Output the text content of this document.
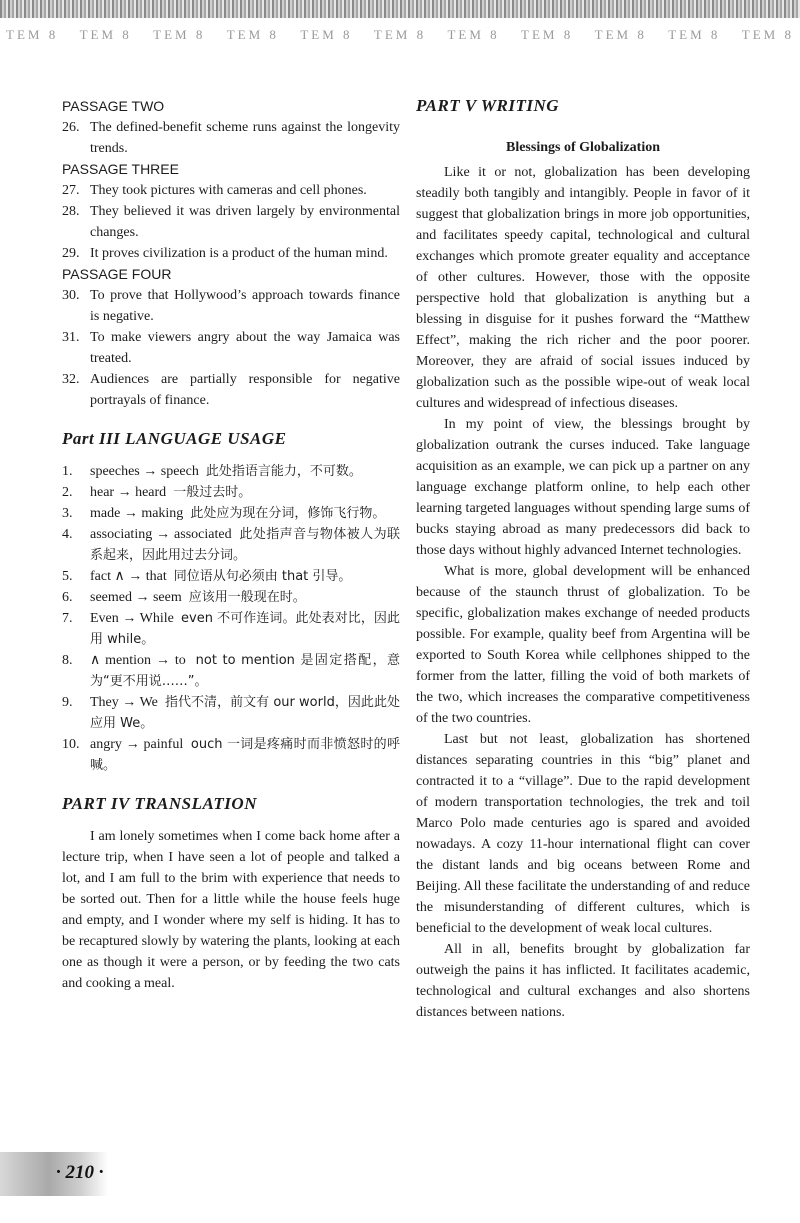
TEM 8 TEM 8 TEM 8 TEM 8 TEM 8 TEM 8 TEM 8 TEM 8 TEM 8 TEM 8 TEM 8
PASSAGE TWO
26. The defined-benefit scheme runs against the longevity trends.
PASSAGE THREE
27. They took pictures with cameras and cell phones.
28. They believed it was driven largely by environmental changes.
29. It proves civilization is a product of the human mind.
PASSAGE FOUR
30. To prove that Hollywood’s approach towards finance is negative.
31. To make viewers angry about the way Jamaica was treated.
32. Audiences are partially responsible for negative portrayals of finance.
Part III LANGUAGE USAGE
1.	speeches → speech 此处指语言能力，不可数。
2.	hear → heard 一般过去时。
3.	made → making 此处应为现在分词，修饰飞行物。
4.	associating → associated 此处指声音与物体被人为联系起来，因此用过去分词。
5.	fact ∧ → that 同位语从句必须由 that 引导。
6.	seemed → seem 应该用一般现在时。
7.	Even → While even 不可作连词。此处表对比，因此用 while。
8.	∧ mention → to not to mention 是固定搭配，意为“更不用说……”。
9.	They → We 指代不清，前文有 our world，因此此处应用 We。
10. angry → painful ouch 一词是疼痛时而非愤怒时的呼喊。
PART IV TRANSLATION

I am lonely sometimes when I come back home after a lecture trip, when I have seen a lot of people and talked a lot, and I am full to the brim with experience that needs to be sorted out. Then for a little while the house feels huge and empty, and I wonder where my self is hiding. It has to be recaptured slowly by watering the plants, looking at each one as though it were a person, or by feeding the two cats and cooking a meal.

PART V WRITING
Blessings of Globalization

Like it or not, globalization has been developing steadily both tangibly and intangibly. People in favor of it suggest that globalization brings in more job opportunities, and facilitates speedy capital, technological and cultural exchanges which promote greater equality and acceptance of other cultures. However, those with the opposite perspective hold that globalization is anything but a blessing in disguise for it pushes forward the “Matthew Effect”, making the rich richer and the poor poorer. Moreover, they are afraid of social issues induced by globalization such as the possible wipe-out of weak local cultures and widespread of infectious diseases.

In my point of view, the blessings brought by globalization outrank the curses induced. Take language acquisition as an example, we can pick up a partner on any language exchange platform online, to help each other learning targeted languages without spending large sums of bucks staying abroad as many predecessors did back to those days without highly advanced Internet technologies.

What is more, global development will be enhanced because of the staunch thrust of globalization. To be specific, globalization makes exchange of needed products possible. For example, quality beef from Argentina will be exported to South Korea while cellphones shipped to the former from the latter, filling the void of both markets of the two, which increases the comparative competitiveness of the two countries.

Last but not least, globalization has shortened distances separating countries in this “big” planet and contracted it to a “village”. Due to the rapid development of modern transportation technologies, the trek and toil Marco Polo made centuries ago is spared and avoided nowadays. A cozy 11-hour international flight can cover the distant lands and big oceans between Rome and Beijing. All these facilitate the understanding of and reduce the misunderstanding of different cultures, which is beneficial to the development of weak local cultures.

All in all, benefits brought by globalization far outweigh the pains it has inflicted. It facilitates academic, technological and cultural exchanges and also shortens distances between nations.

· 210 ·
